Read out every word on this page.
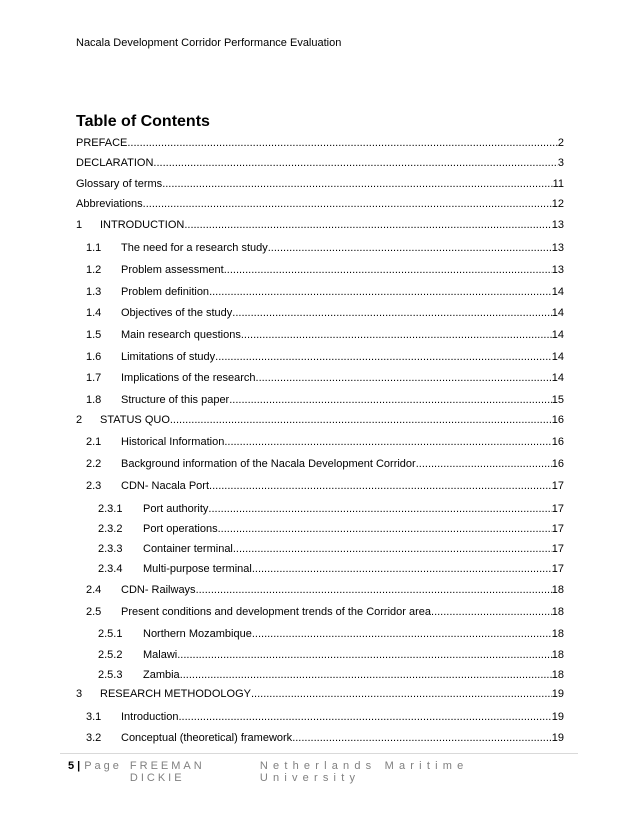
Nacala Development Corridor Performance Evaluation
Table of Contents
PREFACE .....	2
DECLARATION .....	3
Glossary of terms .....	11
Abbreviations .....	12
1	INTRODUCTION .....	13
1.1	The need for a research study .....	13
1.2	Problem assessment .....	13
1.3	Problem definition .....	14
1.4	Objectives of the study .....	14
1.5	Main research questions .....	14
1.6	Limitations of study .....	14
1.7	Implications of the research .....	14
1.8	Structure of this paper .....	15
2	STATUS QUO .....	16
2.1	Historical Information .....	16
2.2	Background information of the Nacala Development Corridor .....	16
2.3	CDN- Nacala Port .....	17
2.3.1	Port authority .....	17
2.3.2	Port operations .....	17
2.3.3	Container terminal .....	17
2.3.4	Multi-purpose terminal .....	17
2.4	CDN- Railways .....	18
2.5	Present conditions and development trends of the Corridor area .....	18
2.5.1	Northern Mozambique .....	18
2.5.2	Malawi .....	18
2.5.3	Zambia .....	18
3	RESEARCH METHODOLOGY .....	19
3.1	Introduction .....	19
3.2	Conceptual (theoretical) framework .....	19
5 | Page FREEMAN DICKIE
Netherlands Maritime University
